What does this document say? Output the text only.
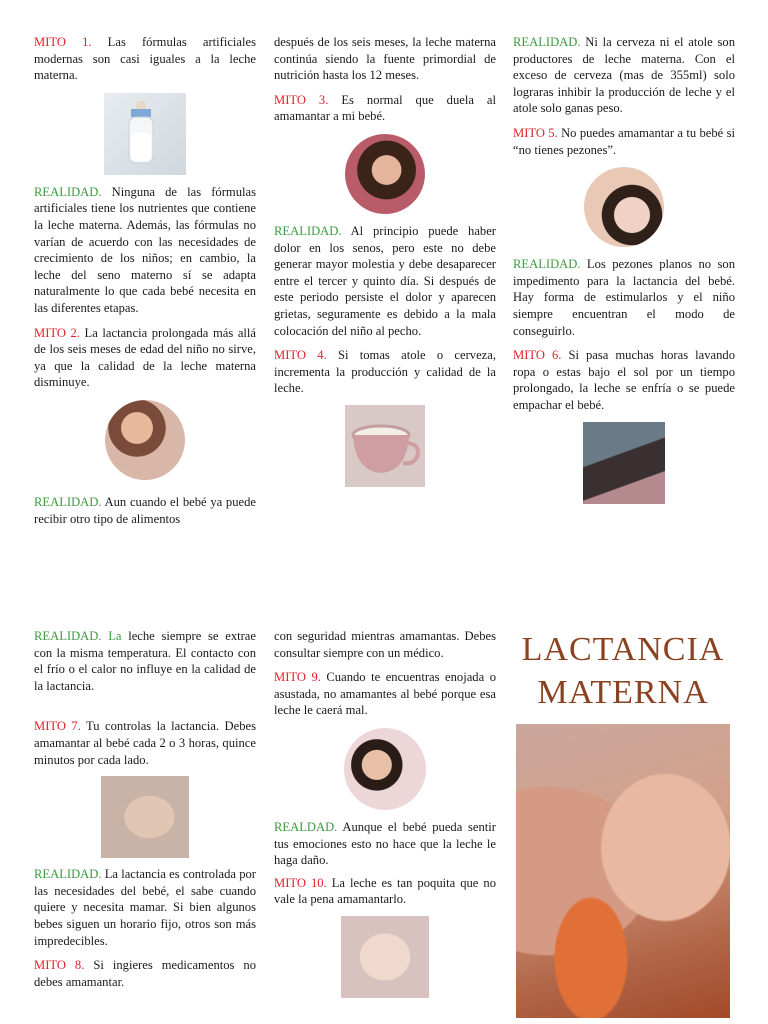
MITO 1. Las fórmulas artificiales modernas son casi iguales a la leche materna.

REALIDAD. Ninguna de las fórmulas artificiales tiene los nutrientes que contiene la leche materna. Además, las fórmulas no varían de acuerdo con las necesidades de crecimiento de los niños; en cambio, la leche del seno materno sí se adapta naturalmente lo que cada bebé necesita en las diferentes etapas.

MITO 2. La lactancia prolongada más allá de los seis meses de edad del niño no sirve, ya que la calidad de la leche materna disminuye.

REALIDAD. Aun cuando el bebé ya puede recibir otro tipo de alimentos

después de los seis meses, la leche materna continúa siendo la fuente primordial de nutrición hasta los 12 meses.

MITO 3. Es normal que duela al amamantar a mi bebé.

REALIDAD. Al principio puede haber dolor en los senos, pero este no debe generar mayor molestia y debe desaparecer entre el tercer y quinto día. Si después de este periodo persiste el dolor y aparecen grietas, seguramente es debido a la mala colocación del niño al pecho.

MITO 4. Si tomas atole o cerveza, incrementa la producción y calidad de la leche.

REALIDAD. Ni la cerveza ni el atole son productores de leche materna. Con el exceso de cerveza (mas de 355ml) solo lograras inhibir la producción de leche y el atole solo ganas peso.

MITO 5. No puedes amamantar a tu bebé si “no tienes pezones”.

REALIDAD. Los pezones planos no son impedimento para la lactancia del bebé. Hay forma de estimularlos y el niño siempre encuentran el modo de conseguirlo.

MITO 6. Si pasa muchas horas lavando ropa o estas bajo el sol por un tiempo prolongado, la leche se enfría o se puede empachar el bebé.

REALIDAD. La leche siempre se extrae con la misma temperatura. El contacto con el frío o el calor no influye en la calidad de la lactancia.

MITO 7. Tu controlas la lactancia. Debes amamantar al bebé cada 2 o 3 horas, quince minutos por cada lado.

REALIDAD. La lactancia es controlada por las necesidades del bebé, el sabe cuando quiere y necesita mamar. Si bien algunos bebes siguen un horario fijo, otros son más impredecibles.

MITO 8. Si ingieres medicamentos no debes amamantar.

con seguridad mientras amamantas. Debes consultar siempre con un médico.

MITO 9. Cuando te encuentras enojada o asustada, no amamantes al bebé porque esa leche le caerá mal.

REALDAD. Aunque el bebé pueda sentir tus emociones esto no hace que la leche le haga daño.

MITO 10. La leche es tan poquita que no vale la pena amamantarlo.

LACTANCIA
MATERNA
